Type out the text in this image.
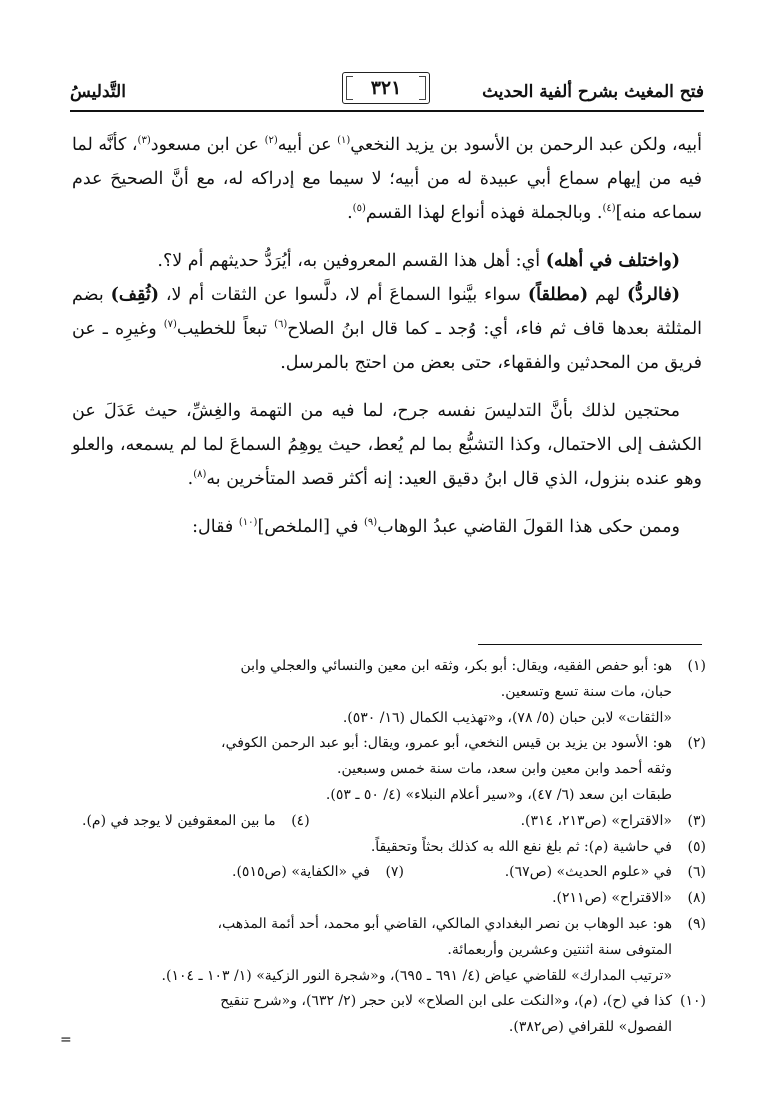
فتح المغيث بشرح ألفية الحديث
٣٢١
التَّدليسُ

أبيه، ولكن عبد الرحمن بن الأسود بن يزيد النخعي$^{(١)}$ عن أبيه$^{(٢)}$ عن ابن مسعود$^{(٣)}$، كأنَّه لما فيه من إيهام سماع أبي عبيدة له من أبيه؛ لا سيما مع إدراكه له، مع أنَّ الصحيحَ عدم سماعه منه]$^{(٤)}$. وبالجملة فهذه أنواع لهذا القسم$^{(٥)}$.

(واختلف في أهله) أي: أهل هذا القسم المعروفين به، أيُرَدُّ حديثهم أم لا؟.

(فالردُّ) لهم (مطلقاً) سواء بيَّنوا السماعَ أم لا، دلَّسوا عن الثقات أم لا، (ثُقِف) بضم المثلثة بعدها قاف ثم فاء، أي: وُجد ـ كما قال ابنُ الصلاح$^{(٦)}$ تبعاً للخطيب$^{(٧)}$ وغيرِه ـ عن فريق من المحدثين والفقهاء، حتى بعض من احتج بالمرسل.

محتجين لذلك بأنَّ التدليسَ نفسه جرح، لما فيه من التهمة والغِشِّ، حيث عَدَلَ عن الكشف إلى الاحتمال، وكذا التشبُّع بما لم يُعط، حيث يوهِمُ السماعَ لما لم يسمعه، والعلو وهو عنده بنزول، الذي قال ابنُ دقيق العيد: إنه أكثر قصد المتأخرين به$^{(٨)}$.

وممن حكى هذا القولَ القاضي عبدُ الوهاب$^{(٩)}$ في [الملخص]$^{(١٠)}$ فقال:

(١)
هو: أبو حفص الفقيه، ويقال: أبو بكر، وثقه ابن معين والنسائي والعجلي وابن
حبان، مات سنة تسع وتسعين.
«الثقات» لابن حبان (٥/ ٧٨)، و«تهذيب الكمال (١٦/ ٥٣٠).
(٢)
هو: الأسود بن يزيد بن قيس النخعي، أبو عمرو، ويقال: أبو عبد الرحمن الكوفي،
وثقه أحمد وابن معين وابن سعد، مات سنة خمس وسبعين.
طبقات ابن سعد (٦/ ٤٧)، و«سير أعلام النبلاء» (٤/ ٥٠ ـ ٥٣).
(٣)
«الاقتراح» (ص٢١٣، ٣١٤).
(٤)
ما بين المعقوفين لا يوجد في (م).
(٥)
في حاشية (م): ثم بلغ نفع الله به كذلك بحثاً وتحقيقاً.
(٦)
في «علوم الحديث» (ص٦٧).
(٧)
في «الكفاية» (ص٥١٥).
(٨)
«الاقتراح» (ص٢١١).
(٩)
هو: عبد الوهاب بن نصر البغدادي المالكي، القاضي أبو محمد، أحد أئمة المذهب،
المتوفى سنة اثنتين وعشرين وأربعمائة.
«ترتيب المدارك» للقاضي عياض (٤/ ٦٩١ ـ ٦٩٥)، و«شجرة النور الزكية» (١/ ١٠٣ ـ ١٠٤).
(١٠)
كذا في (ح)، (م)، و«النكت على ابن الصلاح» لابن حجر (٢/ ٦٣٢)، و«شرح تنقيح
الفصول» للقرافي (ص٣٨٢).
=
